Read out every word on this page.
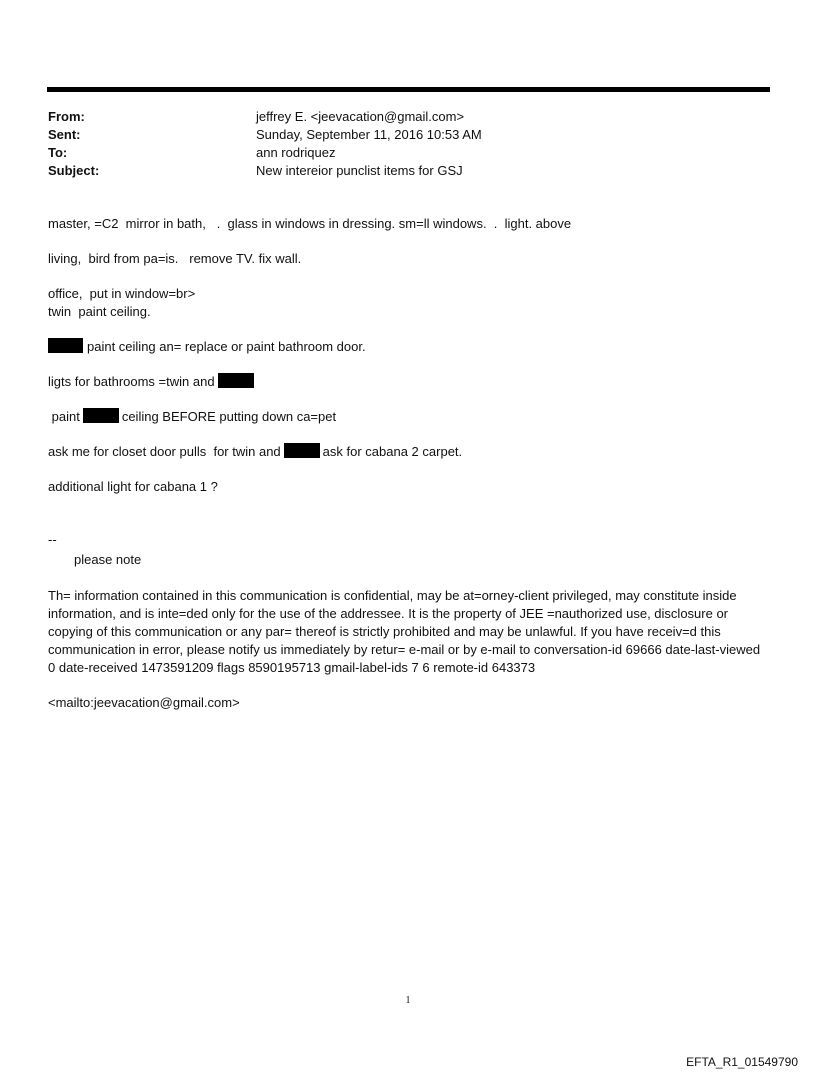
From:	jeffrey E. <jeevacation@gmail.com>
Sent:	Sunday, September 11, 2016 10:53 AM
To:	ann rodriquez
Subject:	New intereior punclist items for GSJ

master, =C2  mirror in bath,   .  glass in windows in dressing. sm=ll windows.  .  light. above

living,  bird from pa=is.   remove TV. fix wall.

office,  put in window=br>
twin  paint ceiling.

paint ceiling an= replace or paint bathroom door.

ligts for bathrooms =twin and

paint	ceiling BEFORE putting down ca=pet

ask me for closet door pulls  for twin and	ask for cabana 2 carpet.

additional light for cabana 1 ?

--

please note

Th= information contained in this communication is confidential, may be at=orney-client privileged, may constitute inside information, and is inte=ded only for the use of the addressee. It is the property of JEE =nauthorized use, disclosure or copying of this communication or any par= thereof is strictly prohibited and may be unlawful. If you have receiv=d this communication in error, please notify us immediately by retur= e-mail or by e-mail to conversation-id 69666 date-last-viewed 0 date-received 1473591209 flags 8590195713 gmail-label-ids 7 6 remote-id 643373

<mailto:jeevacation@gmail.com>

1
EFTA_R1_01549790
